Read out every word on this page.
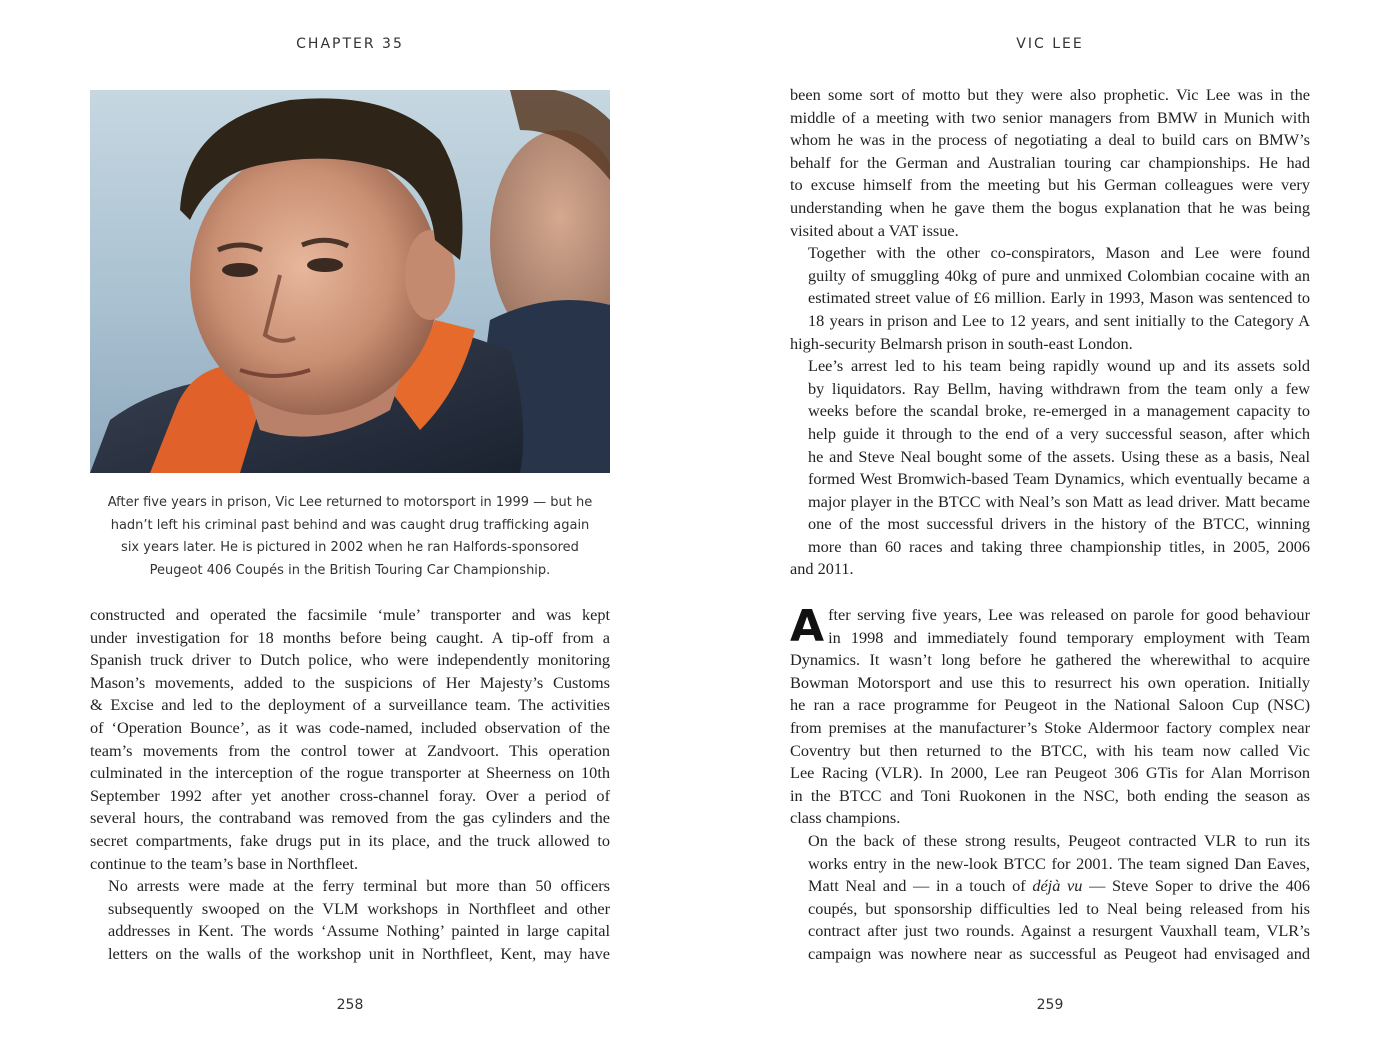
CHAPTER 35
After five years in prison, Vic Lee returned to motorsport in 1999 — but he
hadn’t left his criminal past behind and was caught drug trafficking again
six years later. He is pictured in 2002 when he ran Halfords-sponsored
Peugeot 406 Coupés in the British Touring Car Championship.

constructed and operated the facsimile ‘mule’ transporter and was kept
under investigation for 18 months before being caught. A tip-off from a
Spanish truck driver to Dutch police, who were independently monitoring
Mason’s movements, added to the suspicions of Her Majesty’s Customs
& Excise and led to the deployment of a surveillance team. The activities
of ‘Operation Bounce’, as it was code-named, included observation of the
team’s movements from the control tower at Zandvoort. This operation
culminated in the interception of the rogue transporter at Sheerness on 10th
September 1992 after yet another cross-channel foray. Over a period of
several hours, the contraband was removed from the gas cylinders and the
secret compartments, fake drugs put in its place, and the truck allowed to

continue to the team’s base in Northfleet.

No arrests were made at the ferry terminal but more than 50 officers
subsequently swooped on the VLM workshops in Northfleet and other
addresses in Kent. The words ‘Assume Nothing’ painted in large capital
letters on the walls of the workshop unit in Northfleet, Kent, may have

258
VIC LEE

been some sort of motto but they were also prophetic. Vic Lee was in the
middle of a meeting with two senior managers from BMW in Munich with
whom he was in the process of negotiating a deal to build cars on BMW’s
behalf for the German and Australian touring car championships. He had
to excuse himself from the meeting but his German colleagues were very
understanding when he gave them the bogus explanation that he was being

visited about a VAT issue.

Together with the other co-conspirators, Mason and Lee were found
guilty of smuggling 40kg of pure and unmixed Colombian cocaine with an
estimated street value of £6 million. Early in 1993, Mason was sentenced to
18 years in prison and Lee to 12 years, and sent initially to the Category A

high-security Belmarsh prison in south-east London.

Lee’s arrest led to his team being rapidly wound up and its assets sold
by liquidators. Ray Bellm, having withdrawn from the team only a few
weeks before the scandal broke, re-emerged in a management capacity to
help guide it through to the end of a very successful season, after which
he and Steve Neal bought some of the assets. Using these as a basis, Neal
formed West Bromwich-based Team Dynamics, which eventually became a
major player in the BTCC with Neal’s son Matt as lead driver. Matt became
one of the most successful drivers in the history of the BTCC, winning
more than 60 races and taking three championship titles, in 2005, 2006

and 2011.

A fter serving five years, Lee was released on parole for good behaviour
in 1998 and immediately found temporary employment with Team
Dynamics. It wasn’t long before he gathered the wherewithal to acquire
Bowman Motorsport and use this to resurrect his own operation. Initially
he ran a race programme for Peugeot in the National Saloon Cup (NSC)
from premises at the manufacturer’s Stoke Aldermoor factory complex near
Coventry but then returned to the BTCC, with his team now called Vic
Lee Racing (VLR). In 2000, Lee ran Peugeot 306 GTis for Alan Morrison
in the BTCC and Toni Ruokonen in the NSC, both ending the season as

class champions.

On the back of these strong results, Peugeot contracted VLR to run its
works entry in the new-look BTCC for 2001. The team signed Dan Eaves,
Matt Neal and — in a touch of déjà vu — Steve Soper to drive the 406
coupés, but sponsorship difficulties led to Neal being released from his
contract after just two rounds. Against a resurgent Vauxhall team, VLR’s
campaign was nowhere near as successful as Peugeot had envisaged and

259
